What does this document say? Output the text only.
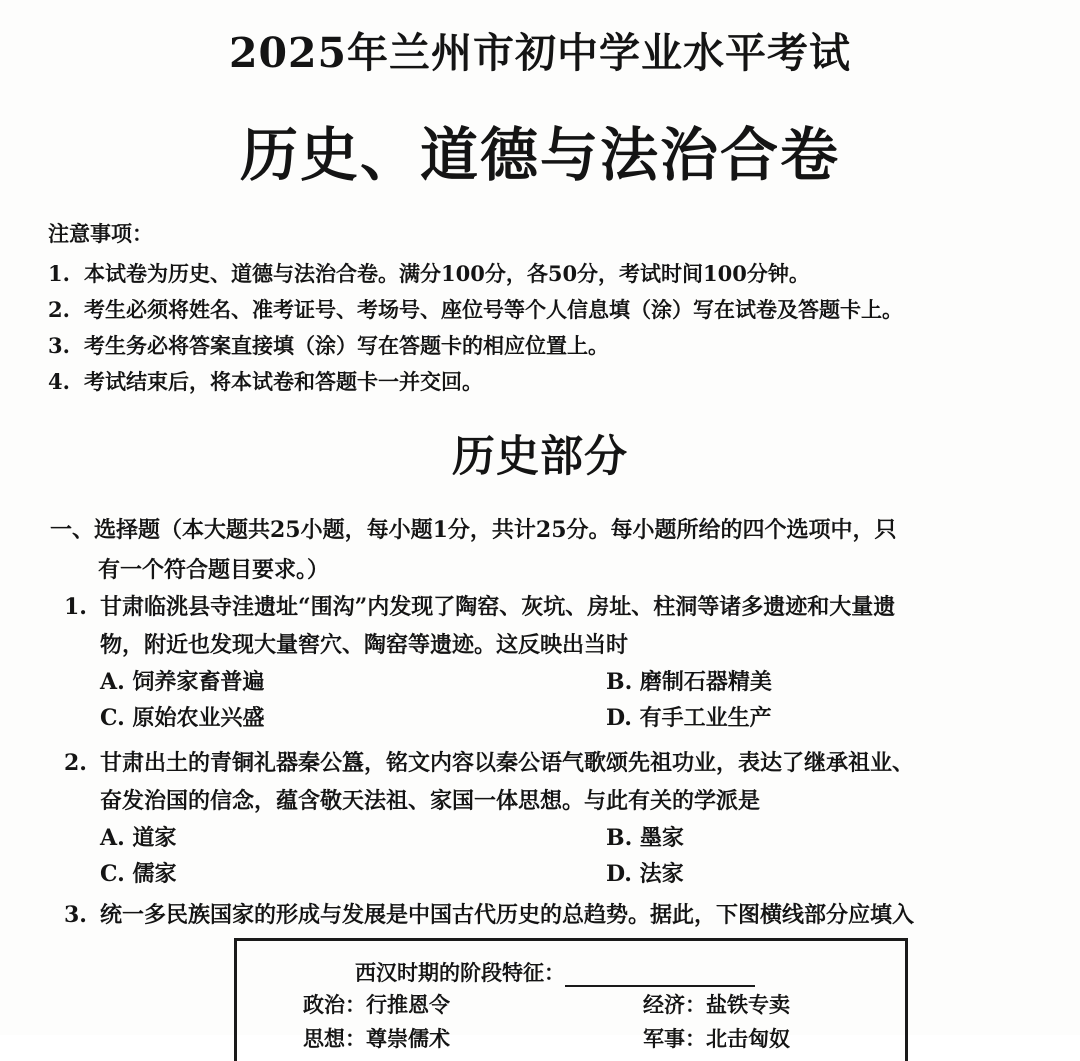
2025年兰州市初中学业水平考试
历史、道德与法治合卷
注意事项：
1. 本试卷为历史、道德与法治合卷。满分100分，各50分，考试时间100分钟。
2. 考生必须将姓名、准考证号、考场号、座位号等个人信息填（涂）写在试卷及答题卡上。
3. 考生务必将答案直接填（涂）写在答题卡的相应位置上。
4. 考试结束后，将本试卷和答题卡一并交回。
历史部分
一、选择题（本大题共25小题，每小题1分，共计25分。每小题所给的四个选项中，只
有一个符合题目要求。）
1. 甘肃临洮县寺洼遗址“围沟”内发现了陶窑、灰坑、房址、柱洞等诸多遗迹和大量遗
物，附近也发现大量窖穴、陶窑等遗迹。这反映出当时
A. 饲养家畜普遍	B. 磨制石器精美
C. 原始农业兴盛	D. 有手工业生产
2. 甘肃出土的青铜礼器秦公簋，铭文内容以秦公语气歌颂先祖功业，表达了继承祖业、
奋发治国的信念，蕴含敬天法祖、家国一体思想。与此有关的学派是
A. 道家	B. 墨家
C. 儒家	D. 法家
3. 统一多民族国家的形成与发展是中国古代历史的总趋势。据此，下图横线部分应填入
西汉时期的阶段特征：
政治：行推恩令	经济：盐铁专卖
思想：尊崇儒术	军事：北击匈奴
